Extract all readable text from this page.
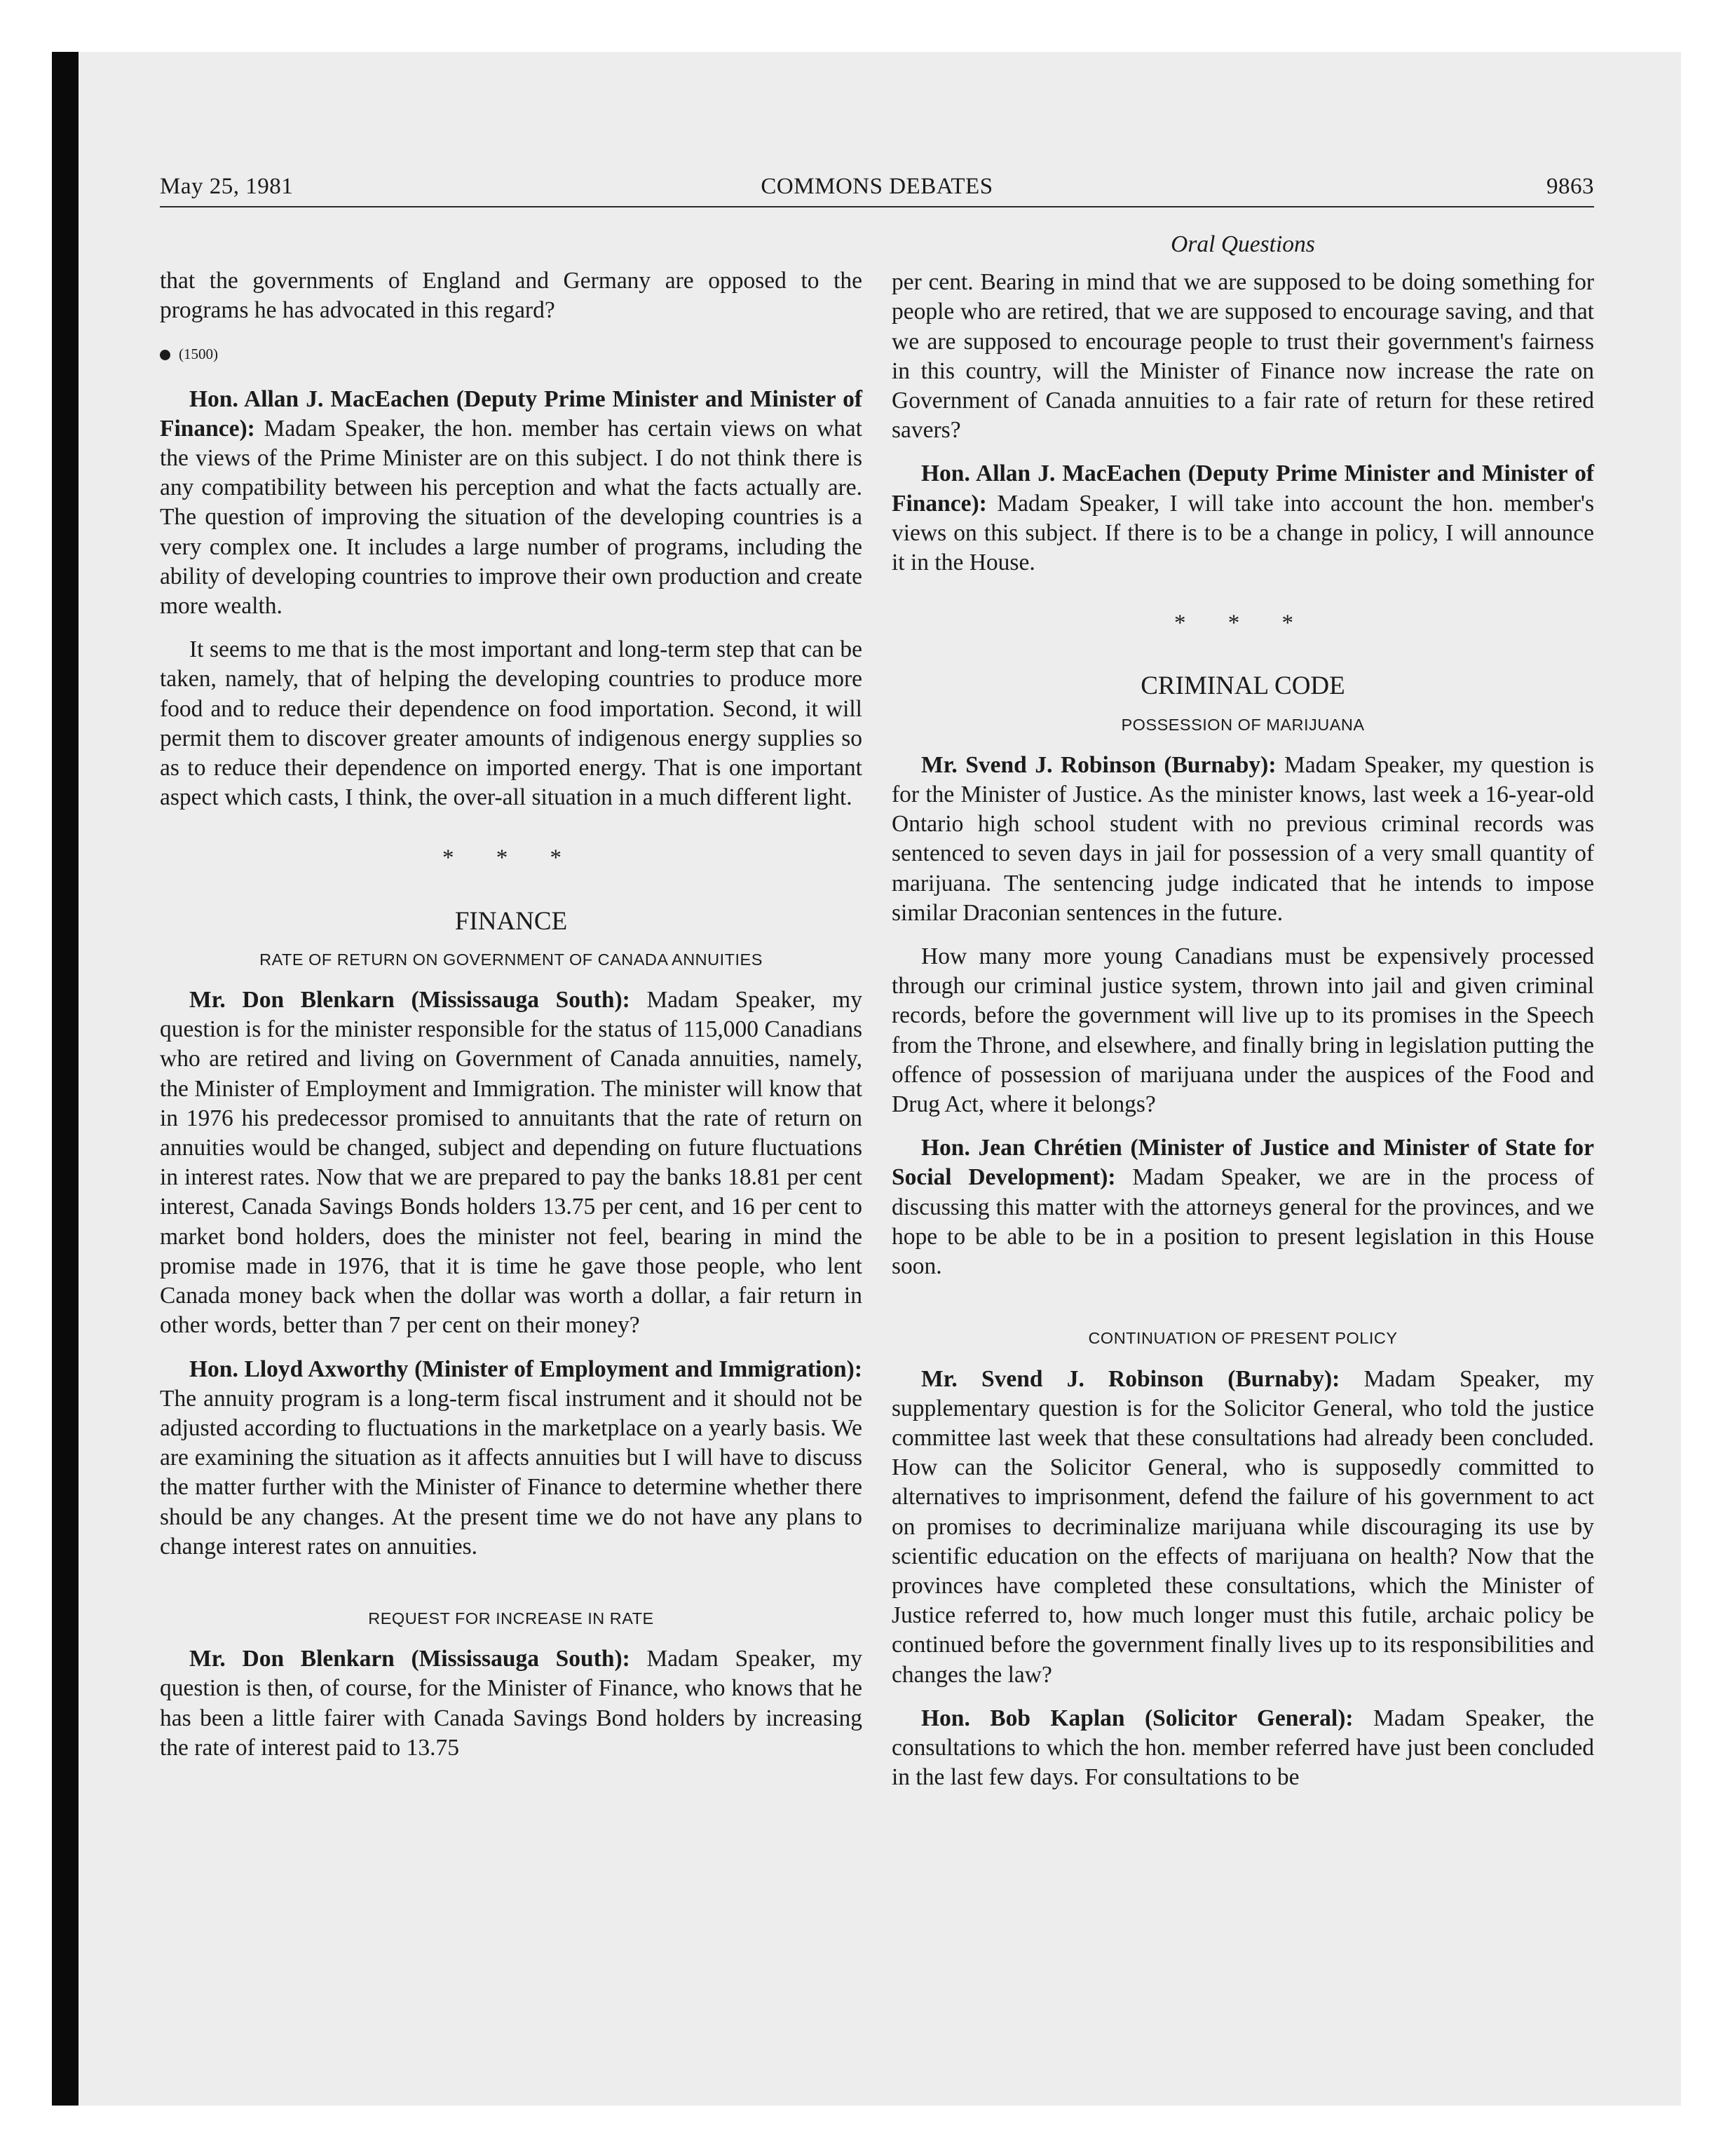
COMMONS DEBATES
May 25, 1981	9863

that the governments of England and Germany are opposed to the programs he has advocated in this regard?

(1500)

Hon. Allan J. MacEachen (Deputy Prime Minister and Minister of Finance): Madam Speaker, the hon. member has certain views on what the views of the Prime Minister are on this subject. I do not think there is any compatibility between his perception and what the facts actually are. The question of improving the situation of the developing countries is a very complex one. It includes a large number of programs, including the ability of developing countries to improve their own production and create more wealth.

It seems to me that is the most important and long-term step that can be taken, namely, that of helping the developing countries to produce more food and to reduce their dependence on food importation. Second, it will permit them to discover greater amounts of indigenous energy supplies so as to reduce their dependence on imported energy. That is one important aspect which casts, I think, the over-all situation in a much different light.

* * *
FINANCE
RATE OF RETURN ON GOVERNMENT OF CANADA ANNUITIES

Mr. Don Blenkarn (Mississauga South): Madam Speaker, my question is for the minister responsible for the status of 115,000 Canadians who are retired and living on Government of Canada annuities, namely, the Minister of Employment and Immigration. The minister will know that in 1976 his predecessor promised to annuitants that the rate of return on annuities would be changed, subject and depending on future fluctuations in interest rates. Now that we are prepared to pay the banks 18.81 per cent interest, Canada Savings Bonds holders 13.75 per cent, and 16 per cent to market bond holders, does the minister not feel, bearing in mind the promise made in 1976, that it is time he gave those people, who lent Canada money back when the dollar was worth a dollar, a fair return in other words, better than 7 per cent on their money?

Hon. Lloyd Axworthy (Minister of Employment and Immigration): The annuity program is a long-term fiscal instrument and it should not be adjusted according to fluctuations in the marketplace on a yearly basis. We are examining the situation as it affects annuities but I will have to discuss the matter further with the Minister of Finance to determine whether there should be any changes. At the present time we do not have any plans to change interest rates on annuities.

REQUEST FOR INCREASE IN RATE

Mr. Don Blenkarn (Mississauga South): Madam Speaker, my question is then, of course, for the Minister of Finance, who knows that he has been a little fairer with Canada Savings Bond holders by increasing the rate of interest paid to 13.75

Oral Questions

per cent. Bearing in mind that we are supposed to be doing something for people who are retired, that we are supposed to encourage saving, and that we are supposed to encourage people to trust their government's fairness in this country, will the Minister of Finance now increase the rate on Government of Canada annuities to a fair rate of return for these retired savers?

Hon. Allan J. MacEachen (Deputy Prime Minister and Minister of Finance): Madam Speaker, I will take into account the hon. member's views on this subject. If there is to be a change in policy, I will announce it in the House.

* * *
CRIMINAL CODE
POSSESSION OF MARIJUANA

Mr. Svend J. Robinson (Burnaby): Madam Speaker, my question is for the Minister of Justice. As the minister knows, last week a 16-year-old Ontario high school student with no previous criminal records was sentenced to seven days in jail for possession of a very small quantity of marijuana. The sentencing judge indicated that he intends to impose similar Draconian sentences in the future.

How many more young Canadians must be expensively processed through our criminal justice system, thrown into jail and given criminal records, before the government will live up to its promises in the Speech from the Throne, and elsewhere, and finally bring in legislation putting the offence of possession of marijuana under the auspices of the Food and Drug Act, where it belongs?

Hon. Jean Chrétien (Minister of Justice and Minister of State for Social Development): Madam Speaker, we are in the process of discussing this matter with the attorneys general for the provinces, and we hope to be able to be in a position to present legislation in this House soon.

CONTINUATION OF PRESENT POLICY

Mr. Svend J. Robinson (Burnaby): Madam Speaker, my supplementary question is for the Solicitor General, who told the justice committee last week that these consultations had already been concluded. How can the Solicitor General, who is supposedly committed to alternatives to imprisonment, defend the failure of his government to act on promises to decriminalize marijuana while discouraging its use by scientific education on the effects of marijuana on health? Now that the provinces have completed these consultations, which the Minister of Justice referred to, how much longer must this futile, archaic policy be continued before the government finally lives up to its responsibilities and changes the law?

Hon. Bob Kaplan (Solicitor General): Madam Speaker, the consultations to which the hon. member referred have just been concluded in the last few days. For consultations to be
